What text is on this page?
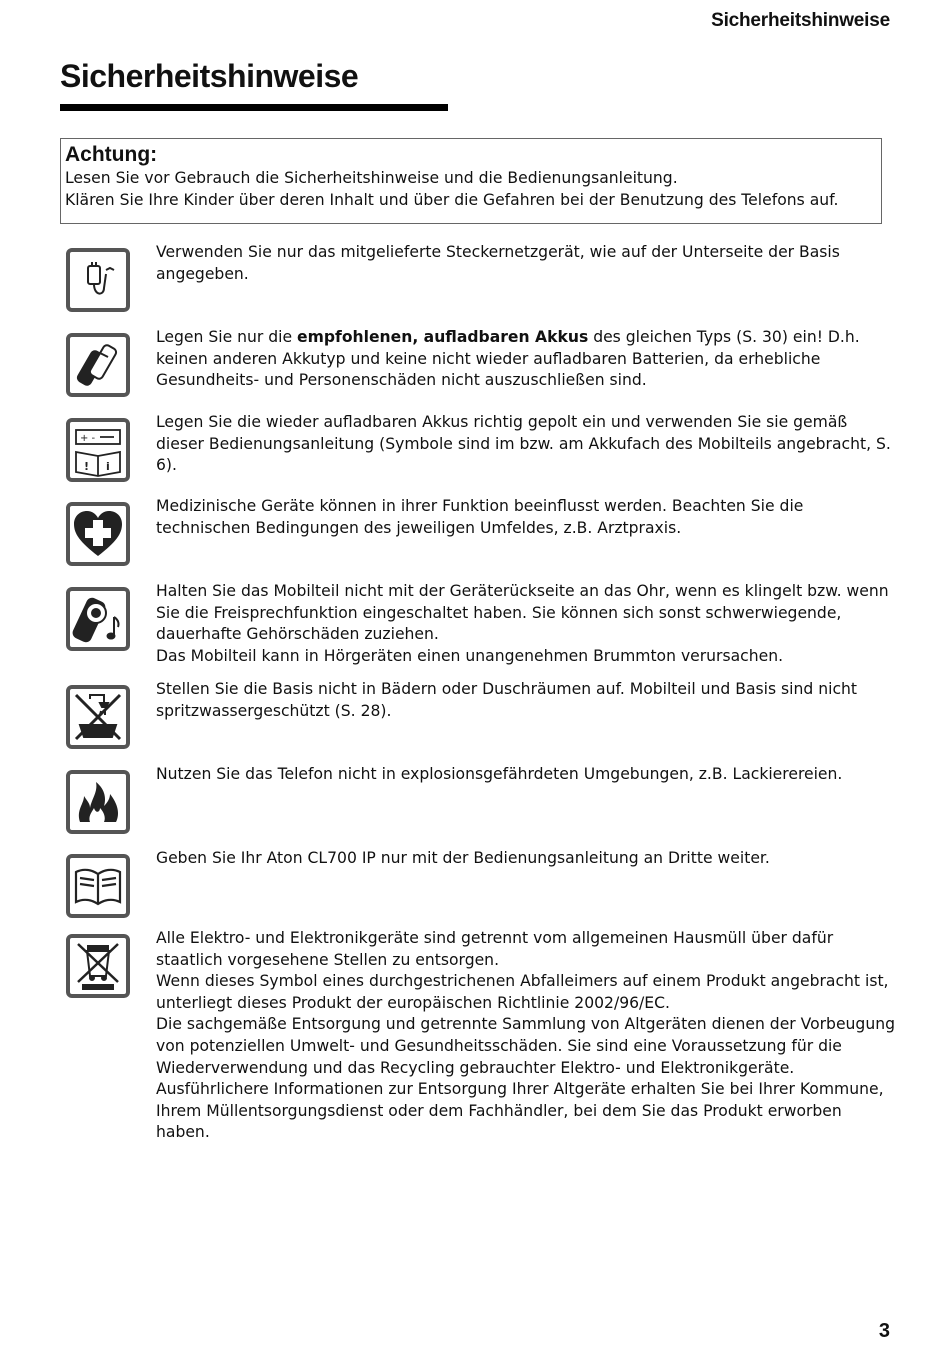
Sicherheitshinweise
Sicherheitshinweise
Achtung:
Lesen Sie vor Gebrauch die Sicherheitshinweise und die Bedienungsanleitung.
Klären Sie Ihre Kinder über deren Inhalt und über die Gefahren bei der Benutzung des Telefons auf.

Verwenden Sie nur das mitgelieferte Steckernetzgerät, wie auf der Unterseite der Basis angegeben.

Legen Sie nur die empfohlenen, aufladbaren Akkus des gleichen Typs (S. 30) ein! D.h. keinen anderen Akkutyp und keine nicht wieder aufladbaren Batterien, da erhebliche Gesundheits- und Personenschäden nicht auszuschließen sind.

+ -
! i

Legen Sie die wieder aufladbaren Akkus richtig gepolt ein und verwenden Sie sie gemäß dieser Bedienungsanleitung (Symbole sind im bzw. am Akkufach des Mobilteils angebracht, S. 6).

Medizinische Geräte können in ihrer Funktion beeinflusst werden. Beachten Sie die technischen Bedingungen des jeweiligen Umfeldes, z.B. Arztpraxis.

Halten Sie das Mobilteil nicht mit der Geräterückseite an das Ohr, wenn es klingelt bzw. wenn Sie die Freisprechfunktion eingeschaltet haben. Sie können sich sonst schwerwiegende, dauerhafte Gehörschäden zuziehen.

Das Mobilteil kann in Hörgeräten einen unangenehmen Brummton verursachen.

Stellen Sie die Basis nicht in Bädern oder Duschräumen auf. Mobilteil und Basis sind nicht spritzwassergeschützt (S. 28).

Nutzen Sie das Telefon nicht in explosionsgefährdeten Umgebungen, z.B. Lackierereien.

Geben Sie Ihr Aton CL700 IP nur mit der Bedienungsanleitung an Dritte weiter.

Alle Elektro- und Elektronikgeräte sind getrennt vom allgemeinen Hausmüll über dafür staatlich vorgesehene Stellen zu entsorgen.

Wenn dieses Symbol eines durchgestrichenen Abfalleimers auf einem Produkt angebracht ist, unterliegt dieses Produkt der europäischen Richtlinie 2002/96/EC.

Die sachgemäße Entsorgung und getrennte Sammlung von Altgeräten dienen der Vorbeugung von potenziellen Umwelt- und Gesundheitsschäden. Sie sind eine Voraussetzung für die Wiederverwendung und das Recycling gebrauchter Elektro- und Elektronikgeräte.

Ausführlichere Informationen zur Entsorgung Ihrer Altgeräte erhalten Sie bei Ihrer Kommune, Ihrem Müllentsorgungsdienst oder dem Fachhändler, bei dem Sie das Produkt erworben haben.

3
